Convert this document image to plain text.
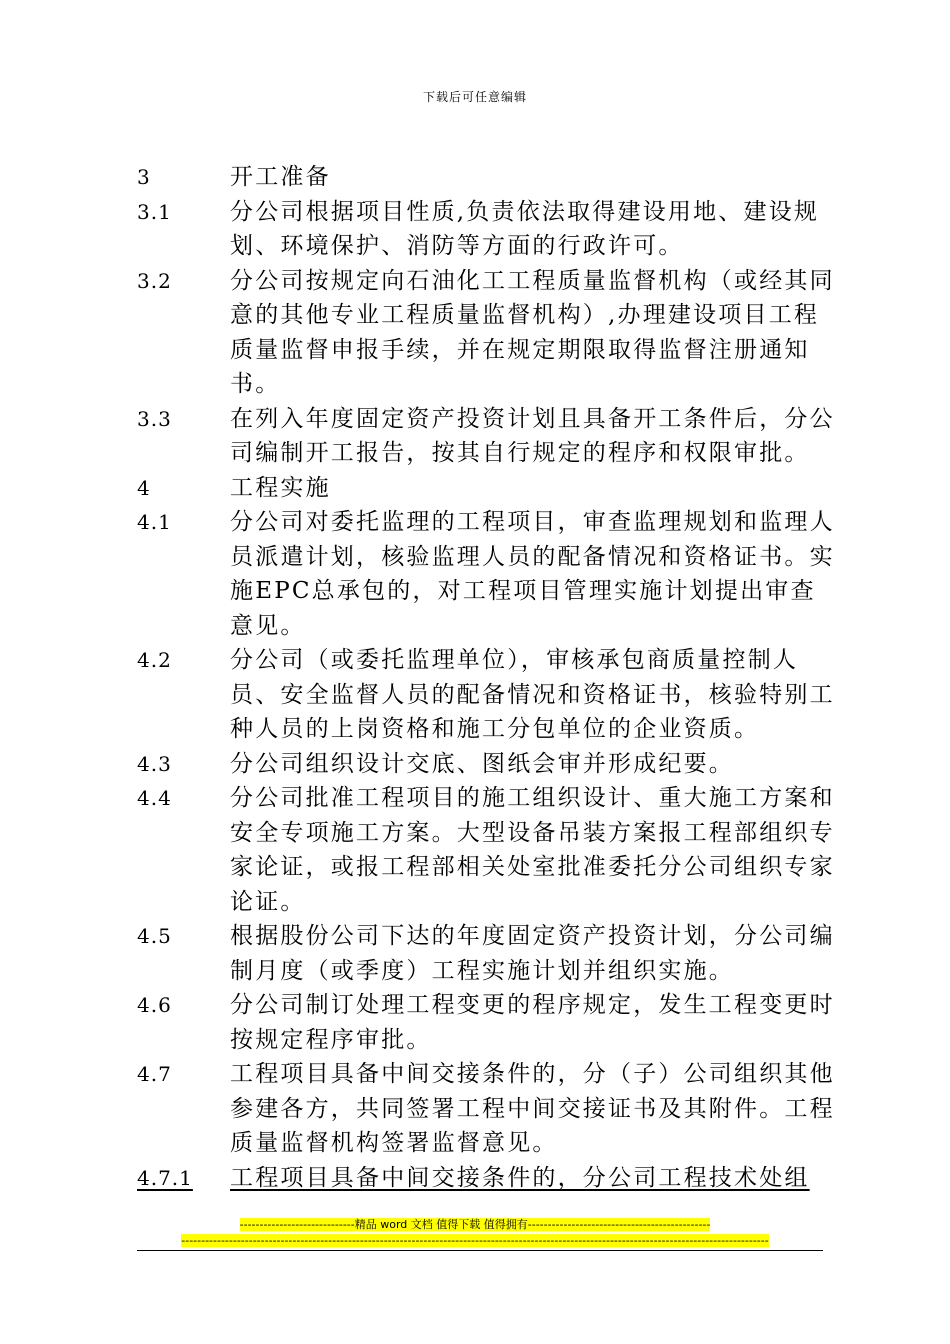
下载后可任意编辑
3	开工准备
3.1	分公司根据项目性质,负责依法取得建设用地、建设规划、环境保护、消防等方面的行政许可。
3.2	分公司按规定向石油化工工程质量监督机构（或经其同意的其他专业工程质量监督机构）,办理建设项目工程质量监督申报手续，并在规定期限取得监督注册通知书。
3.3	在列入年度固定资产投资计划且具备开工条件后，分公司编制开工报告，按其自行规定的程序和权限审批。
4	工程实施
4.1	分公司对委托监理的工程项目，审查监理规划和监理人员派遣计划，核验监理人员的配备情况和资格证书。实施EPC总承包的，对工程项目管理实施计划提出审查意见。
4.2	分公司（或委托监理单位），审核承包商质量控制人员、安全监督人员的配备情况和资格证书，核验特别工种人员的上岗资格和施工分包单位的企业资质。
4.3	分公司组织设计交底、图纸会审并形成纪要。
4.4	分公司批准工程项目的施工组织设计、重大施工方案和安全专项施工方案。大型设备吊装方案报工程部组织专家论证，或报工程部相关处室批准委托分公司组织专家论证。
4.5	根据股份公司下达的年度固定资产投资计划，分公司编制月度（或季度）工程实施计划并组织实施。
4.6	分公司制订处理工程变更的程序规定，发生工程变更时按规定程序审批。
4.7	工程项目具备中间交接条件的，分（子）公司组织其他参建各方，共同签署工程中间交接证书及其附件。工程质量监督机构签署监督意见。
4.7.1	工程项目具备中间交接条件的，分公司工程技术处组
-----------------------------精品 word 文档 值得下载 值得拥有----------------------------------------------
----------------------------------------------------------------------------------------------------------------------------------------------------
